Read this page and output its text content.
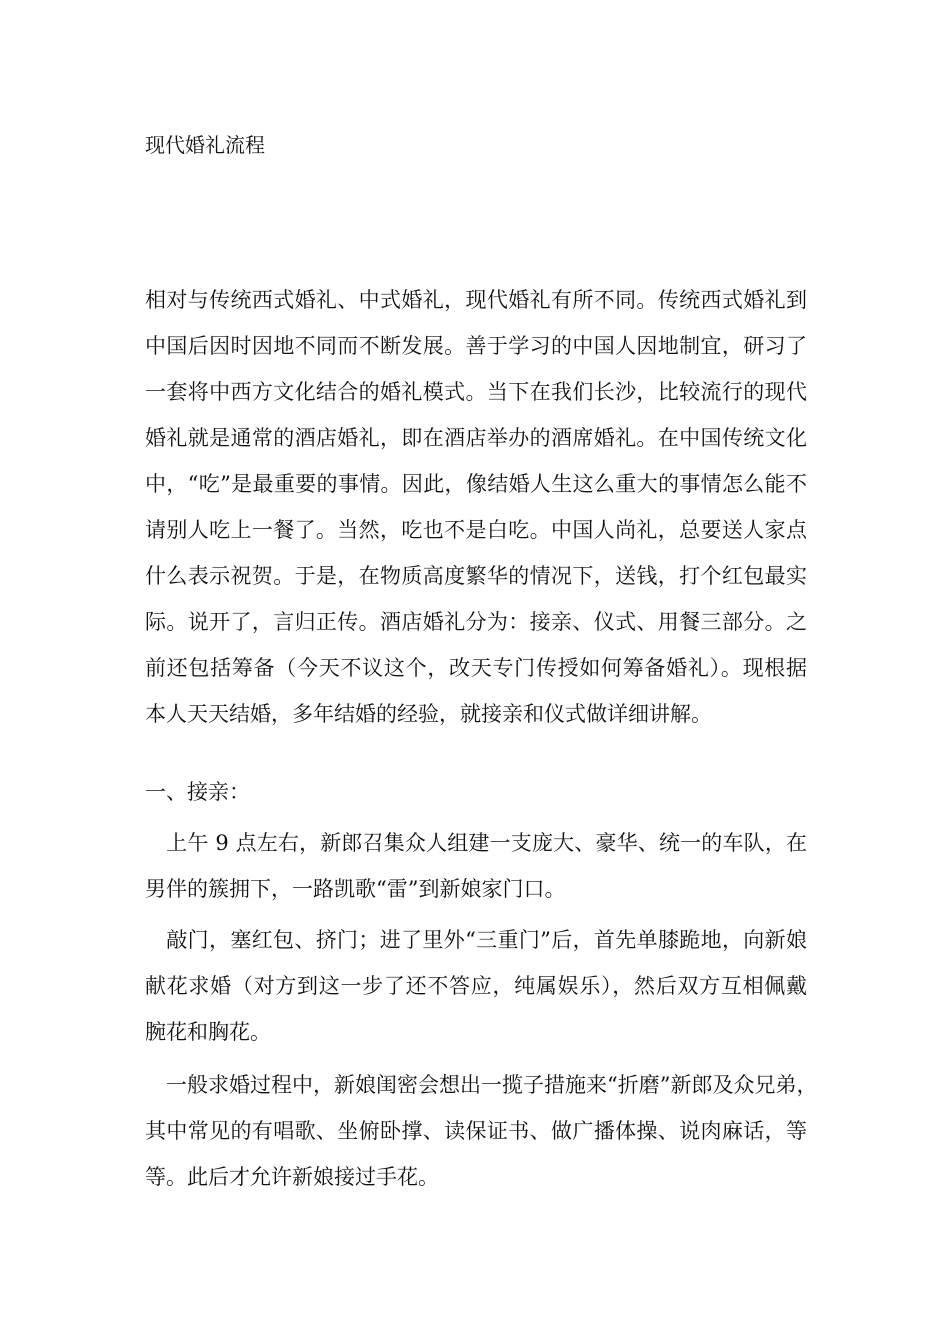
现代婚礼流程
相对与传统西式婚礼、中式婚礼，现代婚礼有所不同。传统西式婚礼到
中国后因时因地不同而不断发展。善于学习的中国人因地制宜，研习了
一套将中西方文化结合的婚礼模式。当下在我们长沙，比较流行的现代
婚礼就是通常的酒店婚礼，即在酒店举办的酒席婚礼。在中国传统文化
中，“吃”是最重要的事情。因此，像结婚人生这么重大的事情怎么能不
请别人吃上一餐了。当然，吃也不是白吃。中国人尚礼，总要送人家点
什么表示祝贺。于是，在物质高度繁华的情况下，送钱，打个红包最实
际。说开了，言归正传。酒店婚礼分为：接亲、仪式、用餐三部分。之
前还包括筹备（今天不议这个，改天专门传授如何筹备婚礼）。现根据
本人天天结婚，多年结婚的经验，就接亲和仪式做详细讲解。
一、接亲：
　上午 9 点左右，新郎召集众人组建一支庞大、豪华、统一的车队，在
男伴的簇拥下，一路凯歌“雷”到新娘家门口。
　敲门，塞红包、挤门；进了里外“三重门”后，首先单膝跪地，向新娘
献花求婚（对方到这一步了还不答应，纯属娱乐），然后双方互相佩戴
腕花和胸花。
　一般求婚过程中，新娘闺密会想出一揽子措施来“折磨”新郎及众兄弟，
其中常见的有唱歌、坐俯卧撑、读保证书、做广播体操、说肉麻话，等
等。此后才允许新娘接过手花。
